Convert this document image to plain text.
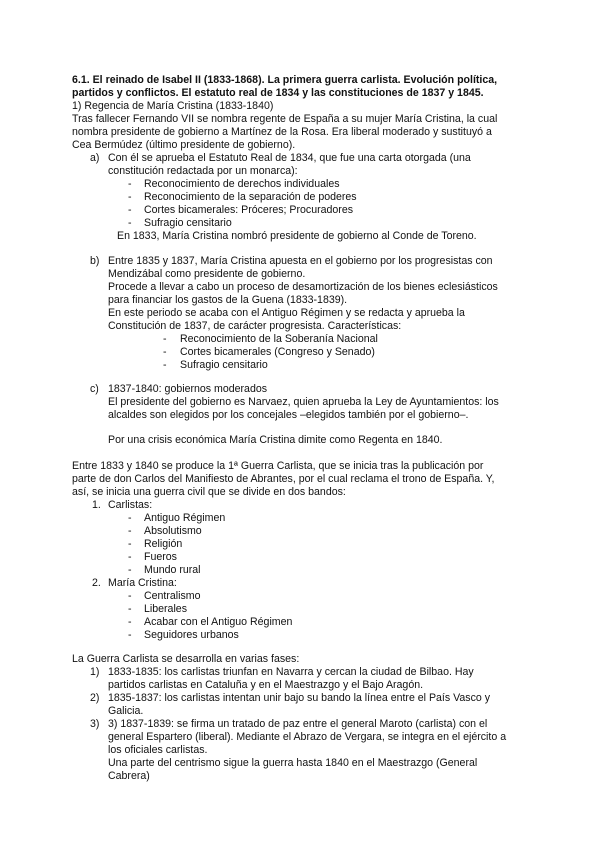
6.1. El reinado de Isabel II (1833-1868). La primera guerra carlista. Evolución política,
partidos y conflictos. El estatuto real de 1834 y las constituciones de 1837 y 1845.
1) Regencia de María Cristina (1833-1840)
Tras fallecer Fernando VII se nombra regente de España a su mujer María Cristina, la cual
nombra presidente de gobierno a Martínez de la Rosa. Era liberal moderado y sustituyó a
Cea Bermúdez (último presidente de gobierno).
a) Con él se aprueba el Estatuto Real de 1834, que fue una carta otorgada (una
constitución redactada por un monarca):
- Reconocimiento de derechos individuales
- Reconocimiento de la separación de poderes
- Cortes bicamerales: Próceres; Procuradores
- Sufragio censitario
En 1833, María Cristina nombró presidente de gobierno al Conde de Toreno.
b) Entre 1835 y 1837, María Cristina apuesta en el gobierno por los progresistas con
Mendizábal como presidente de gobierno.
Procede a llevar a cabo un proceso de desamortización de los bienes eclesiásticos
para financiar los gastos de la Guena (1833-1839).
En este periodo se acaba con el Antiguo Régimen y se redacta y aprueba la
Constitución de 1837, de carácter progresista. Características:
- Reconocimiento de la Soberanía Nacional
- Cortes bicamerales (Congreso y Senado)
- Sufragio censitario
c) 1837-1840: gobiernos moderados
El presidente del gobierno es Narvaez, quien aprueba la Ley de Ayuntamientos: los
alcaldes son elegidos por los concejales –elegidos también por el gobierno–.
Por una crisis económica María Cristina dimite como Regenta en 1840.
Entre 1833 y 1840 se produce la 1ª Guerra Carlista, que se inicia tras la publicación por
parte de don Carlos del Manifiesto de Abrantes, por el cual reclama el trono de España. Y,
así, se inicia una guerra civil que se divide en dos bandos:
1. Carlistas:
- Antiguo Régimen
- Absolutismo
- Religión
- Fueros
- Mundo rural
2. María Cristina:
- Centralismo
- Liberales
- Acabar con el Antiguo Régimen
- Seguidores urbanos
La Guerra Carlista se desarrolla en varias fases:
1) 1833-1835: los carlistas triunfan en Navarra y cercan la ciudad de Bilbao. Hay
partidos carlistas en Cataluña y en el Maestrazgo y el Bajo Aragón.
2) 1835-1837: los carlistas intentan unir bajo su bando la línea entre el País Vasco y
Galicia.
3) 3) 1837-1839: se firma un tratado de paz entre el general Maroto (carlista) con el
general Espartero (liberal). Mediante el Abrazo de Vergara, se integra en el ejército a
los oficiales carlistas.
Una parte del centrismo sigue la guerra hasta 1840 en el Maestrazgo (General
Cabrera)
